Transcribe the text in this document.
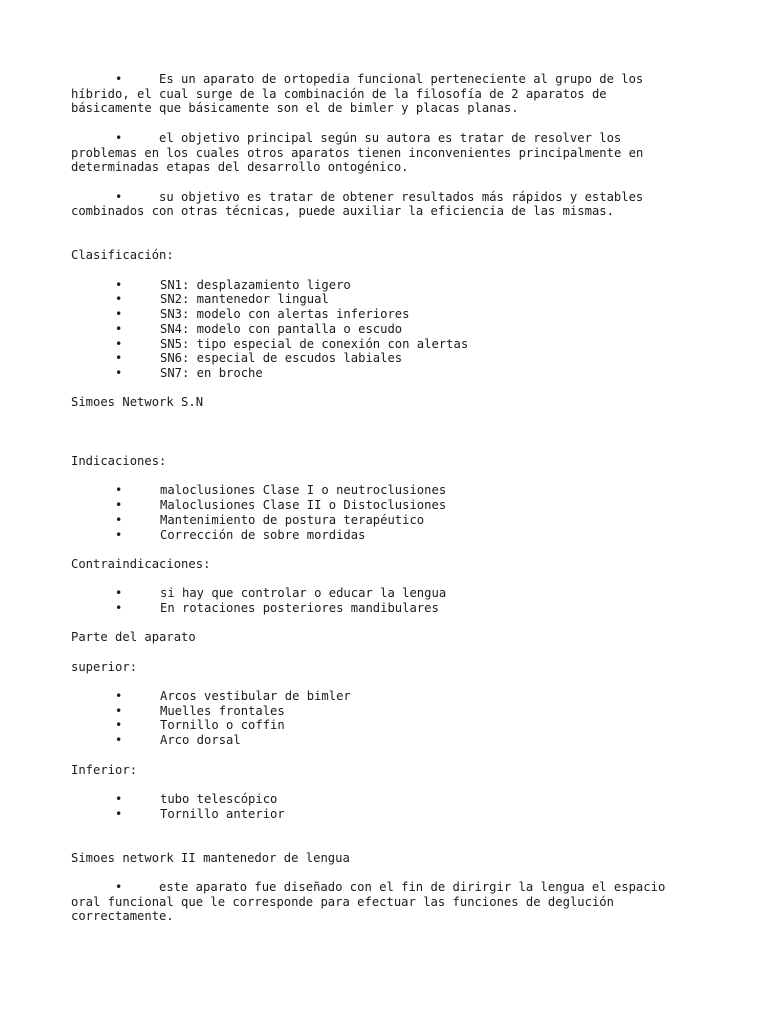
•	Es un aparato de ortopedia funcional perteneciente al grupo de los híbrido, el cual surge de la combinación de la filosofía de 2 aparatos de básicamente que básicamente son el de bimler y placas planas.

•	el objetivo principal según su autora es tratar de resolver los problemas en los cuales otros aparatos tienen inconvenientes principalmente en determinadas etapas del desarrollo ontogénico.

•	su objetivo es tratar de obtener resultados más rápidos y estables combinados con otras técnicas, puede auxiliar la eficiencia de las mismas.

Clasificación:

•	SN1: desplazamiento ligero
•	SN2: mantenedor lingual
•	SN3: modelo con alertas inferiores
•	SN4: modelo con pantalla o escudo
•	SN5: tipo especial de conexión con alertas
•	SN6: especial de escudos labiales
•	SN7: en broche

Simoes Network S.N

Indicaciones:

•	maloclusiones Clase I o neutroclusiones
•	Maloclusiones Clase II o Distoclusiones
•	Mantenimiento de postura terapéutico
•	Corrección de sobre mordidas

Contraindicaciones:

•	si hay que controlar o educar la lengua
•	En rotaciones posteriores mandibulares

Parte del aparato

superior:

•	Arcos vestibular de bimler
•	Muelles frontales
•	Tornillo o coffin
•	Arco dorsal

Inferior:

•	tubo telescópico
•	Tornillo anterior

Simoes network II mantenedor de lengua

•	este aparato fue diseñado con el fin de dirirgir la lengua el espacio oral funcional que le corresponde para efectuar las funciones de deglución correctamente.
